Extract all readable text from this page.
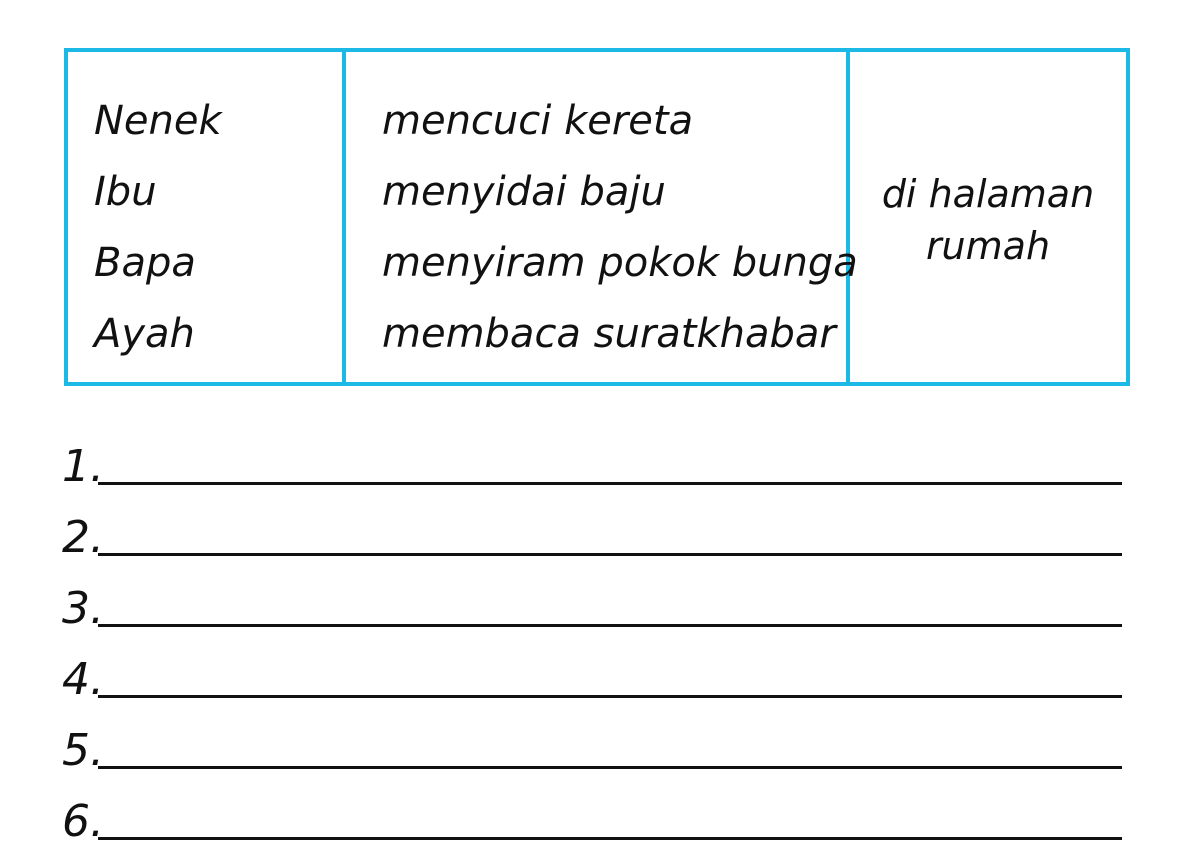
Nenek
Ibu
Bapa
Ayah
mencuci kereta
menyidai baju
menyiram pokok bunga
membaca suratkhabar
di halaman
rumah
1.
2.
3.
4.
5.
6.
